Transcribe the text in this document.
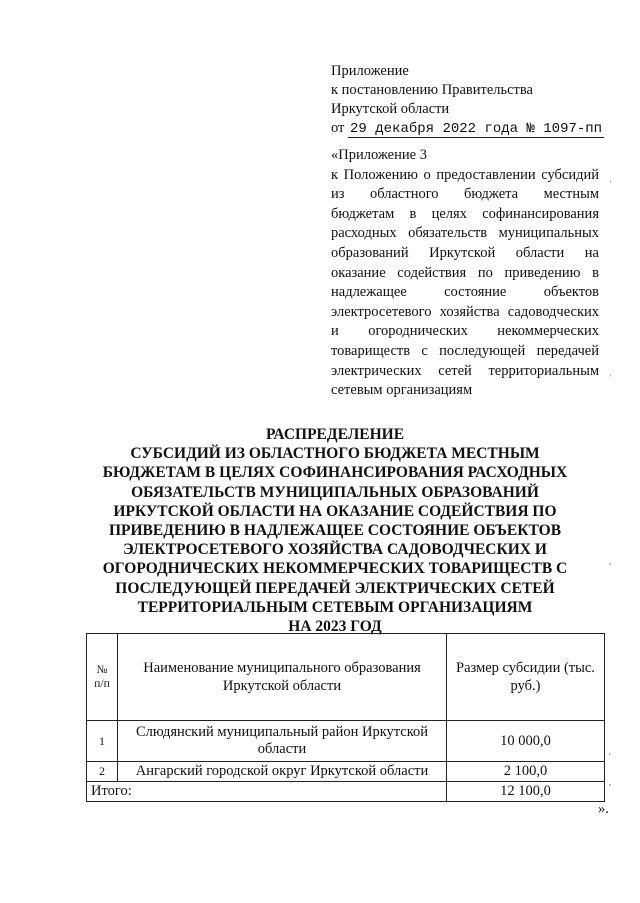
Приложение
к постановлению Правительства
Иркутской области
от 29 декабря 2022 года № 1097-пп
«Приложение 3
к Положению о предоставлении субсидий из областного бюджета местным бюджетам в целях софинансирования расходных обязательств муниципальных образований Иркутской области на оказание содействия по приведению в надлежащее состояние объектов электросетевого хозяйства садоводческих и огороднических некоммерческих товариществ с последующей передачей электрических сетей территориальным сетевым организациям
РАСПРЕДЕЛЕНИЕ
СУБСИДИЙ ИЗ ОБЛАСТНОГО БЮДЖЕТА МЕСТНЫМ БЮДЖЕТАМ В ЦЕЛЯХ СОФИНАНСИРОВАНИЯ РАСХОДНЫХ ОБЯЗАТЕЛЬСТВ МУНИЦИПАЛЬНЫХ ОБРАЗОВАНИЙ ИРКУТСКОЙ ОБЛАСТИ НА ОКАЗАНИЕ СОДЕЙСТВИЯ ПО ПРИВЕДЕНИЮ В НАДЛЕЖАЩЕЕ СОСТОЯНИЕ ОБЪЕКТОВ ЭЛЕКТРОСЕТЕВОГО ХОЗЯЙСТВА САДОВОДЧЕСКИХ И ОГОРОДНИЧЕСКИХ НЕКОММЕРЧЕСКИХ ТОВАРИЩЕСТВ С ПОСЛЕДУЮЩЕЙ ПЕРЕДАЧЕЙ ЭЛЕКТРИЧЕСКИХ СЕТЕЙ ТЕРРИТОРИАЛЬНЫМ СЕТЕВЫМ ОРГАНИЗАЦИЯМ
НА 2023 ГОД
№ п/п	Наименование муниципального образования Иркутской области	Размер субсидии (тыс. руб.)
1	Слюдянский муниципальный район Иркутской области	10 000,0
2	Ангарский городской округ Иркутской области	2 100,0
Итого:		12 100,0
».
ˌ
ˌ
'
'
'
